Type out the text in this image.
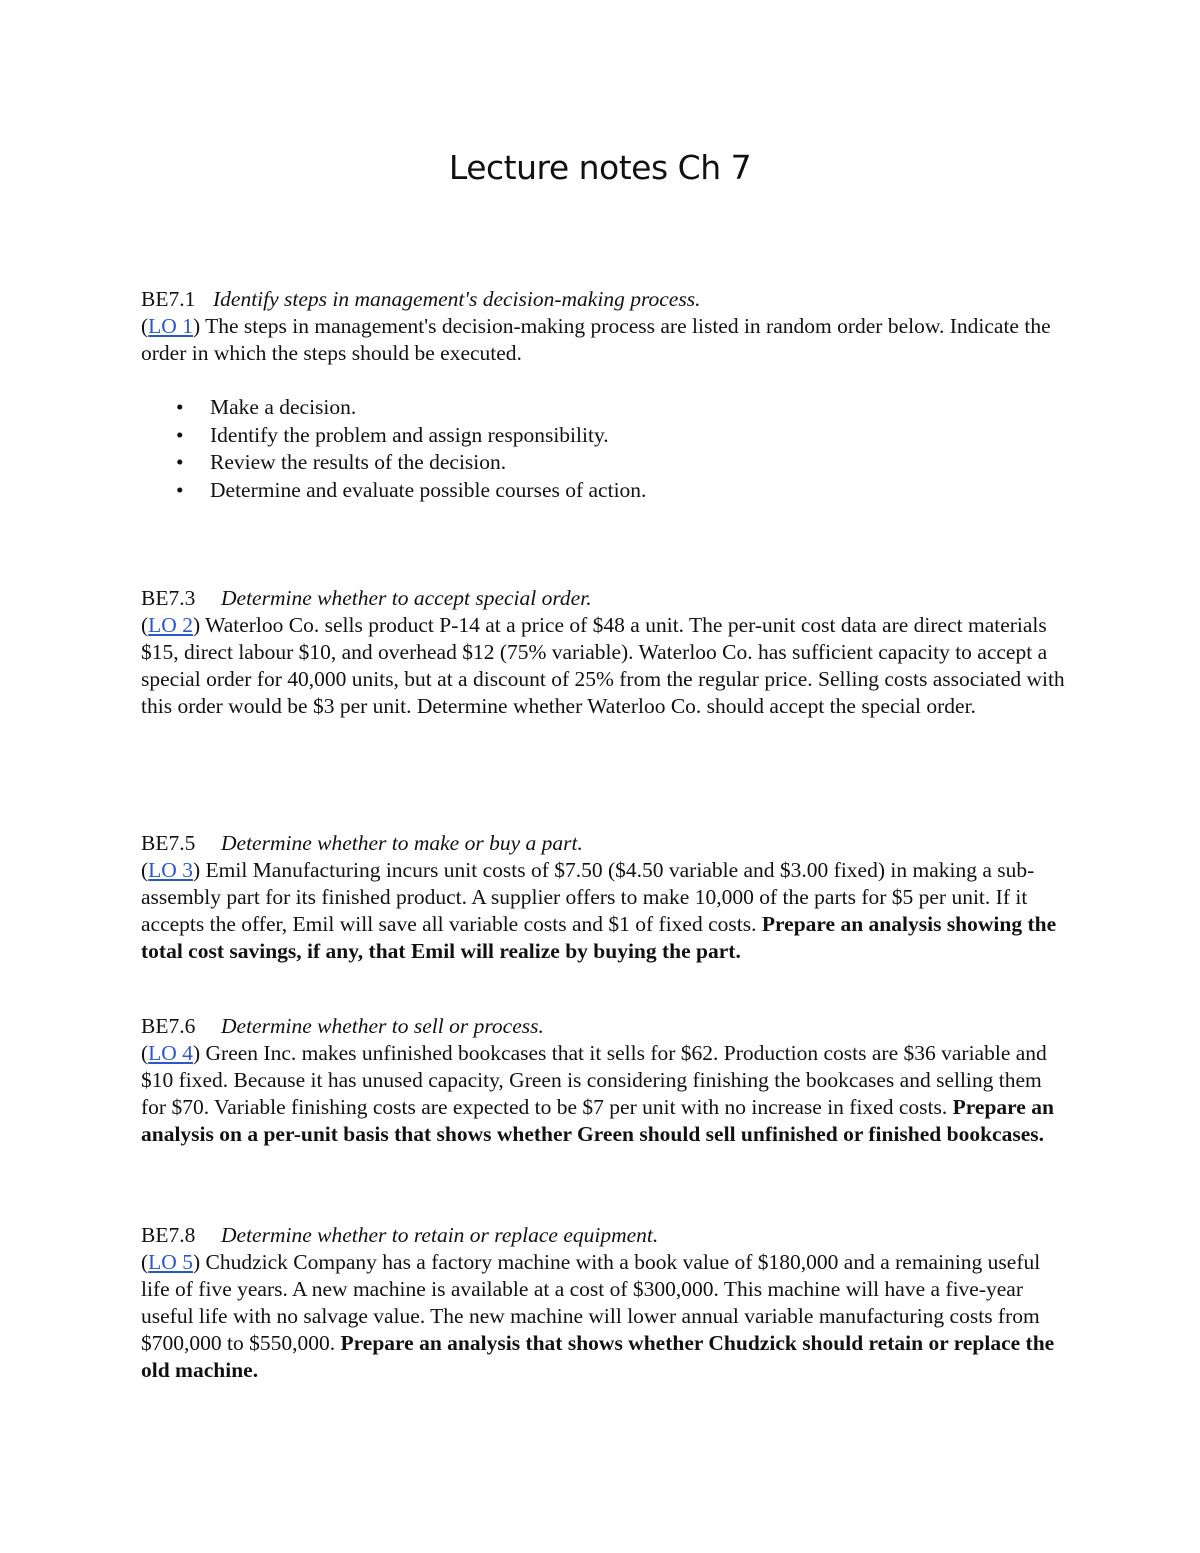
Lecture notes Ch 7
BE7.1 Identify steps in management's decision-making process.
(LO 1) The steps in management's decision-making process are listed in random order below. Indicate the order in which the steps should be executed.
• Make a decision.
• Identify the problem and assign responsibility.
• Review the results of the decision.
• Determine and evaluate possible courses of action.
BE7.3 Determine whether to accept special order.
(LO 2) Waterloo Co. sells product P-14 at a price of $48 a unit. The per-unit cost data are direct materials $15, direct labour $10, and overhead $12 (75% variable). Waterloo Co. has sufficient capacity to accept a special order for 40,000 units, but at a discount of 25% from the regular price. Selling costs associated with this order would be $3 per unit. Determine whether Waterloo Co. should accept the special order.
BE7.5 Determine whether to make or buy a part.
(LO 3) Emil Manufacturing incurs unit costs of $7.50 ($4.50 variable and $3.00 fixed) in making a sub-assembly part for its finished product. A supplier offers to make 10,000 of the parts for $5 per unit. If it accepts the offer, Emil will save all variable costs and $1 of fixed costs. Prepare an analysis showing the total cost savings, if any, that Emil will realize by buying the part.
BE7.6 Determine whether to sell or process.
(LO 4) Green Inc. makes unfinished bookcases that it sells for $62. Production costs are $36 variable and $10 fixed. Because it has unused capacity, Green is considering finishing the bookcases and selling them for $70. Variable finishing costs are expected to be $7 per unit with no increase in fixed costs. Prepare an analysis on a per-unit basis that shows whether Green should sell unfinished or finished bookcases.
BE7.8 Determine whether to retain or replace equipment.
(LO 5) Chudzick Company has a factory machine with a book value of $180,000 and a remaining useful life of five years. A new machine is available at a cost of $300,000. This machine will have a five-year useful life with no salvage value. The new machine will lower annual variable manufacturing costs from $700,000 to $550,000. Prepare an analysis that shows whether Chudzick should retain or replace the old machine.
